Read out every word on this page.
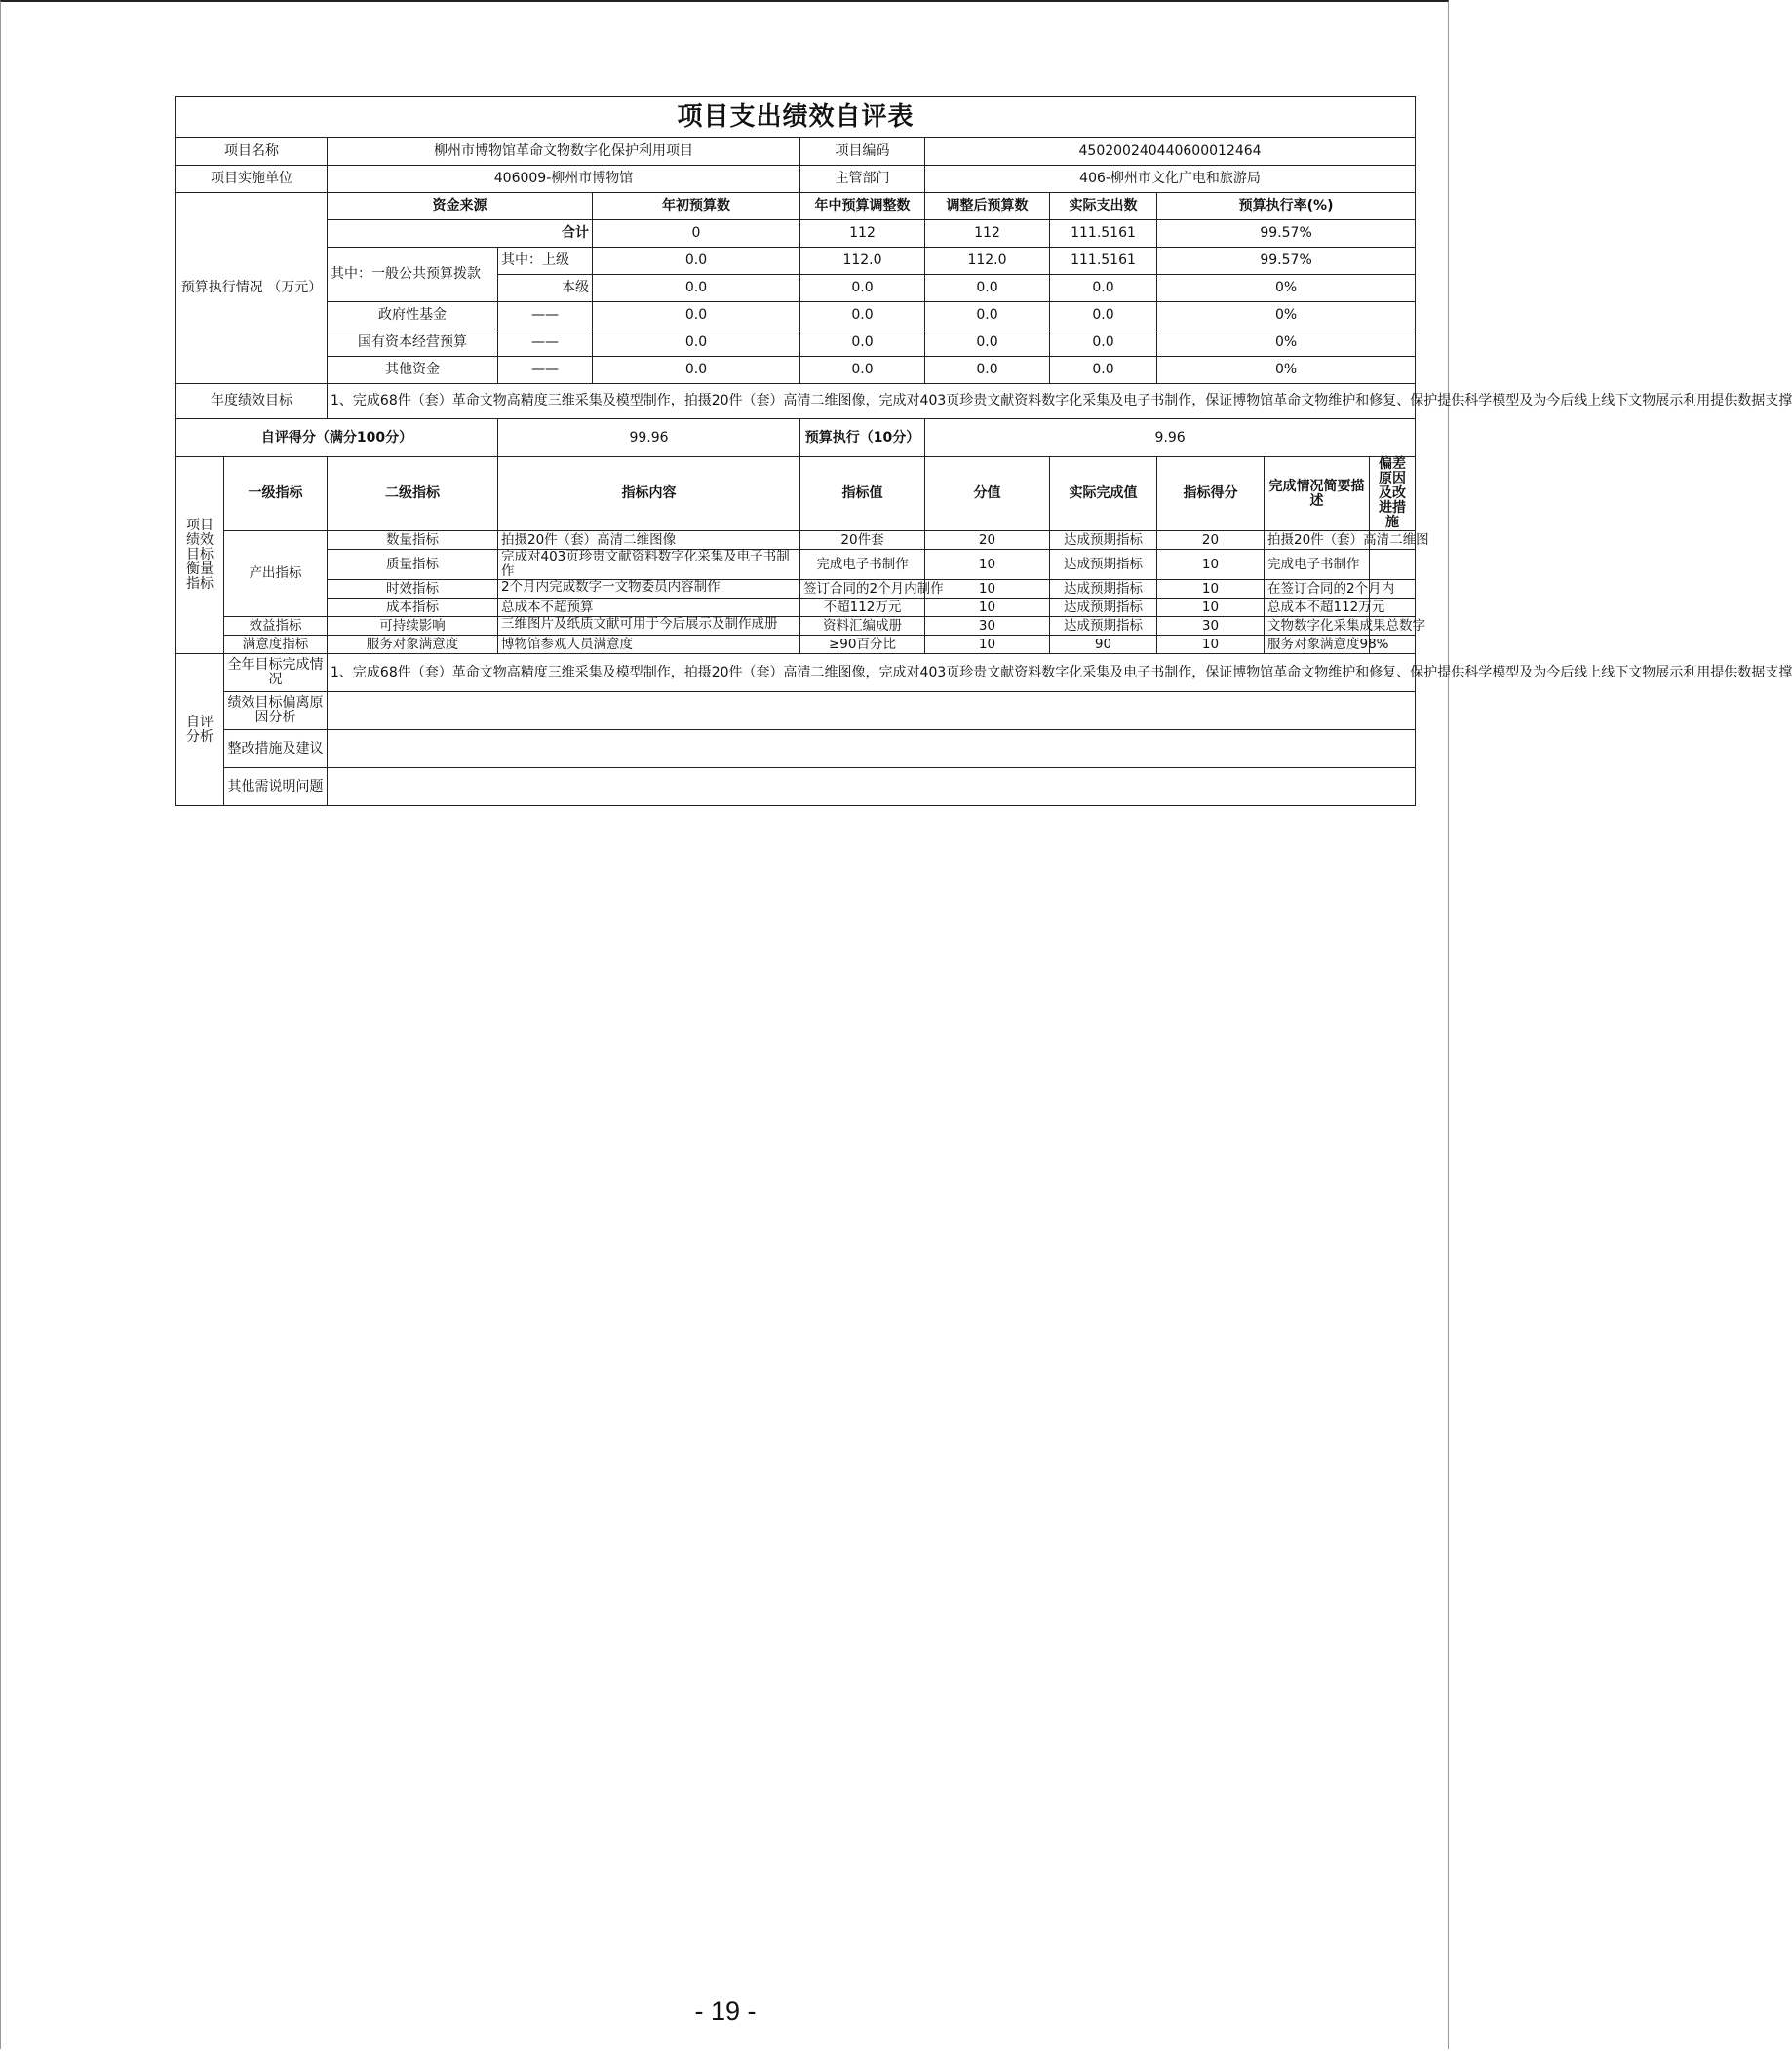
项目支出绩效自评表										
项目名称		柳州市博物馆革命文物数字化保护利用项目			项目编码	450200240440600012464				
项目实施单位		406009-柳州市博物馆			主管部门	406-柳州市文化广电和旅游局				
预算执行情况 （万元）		资金来源		年初预算数	年中预算调整数	调整后预算数	实际支出数	预算执行率(%)		
		合计		0	112	112	111.5161	99.57%		
		其中：一般公共预算拨款	其中：上级	0.0	112.0	112.0	111.5161	99.57%		
			本级	0.0	0.0	0.0	0.0	0%		
		政府性基金	——	0.0	0.0	0.0	0.0	0%		
		国有资本经营预算	——	0.0	0.0	0.0	0.0	0%		
		其他资金	——	0.0	0.0	0.0	0.0	0%		
年度绩效目标		1、完成68件（套）革命文物高精度三维采集及模型制作，拍摄20件（套）高清二维图像，完成对403页珍贵文献资料数字化采集及电子书制作，保证博物馆革命文物维护和修复、保护提供科学模型及为今后线上线下文物展示利用提供数据支撑								
自评得分（满分100分）			99.96		预算执行（10分）	9.96				
项目 绩效 目标 衡量 指标	一级指标	二级指标	指标内容		指标值	分值	实际完成值	指标得分	完成情况简要描述	偏差原因及改进措施
	产出指标	数量指标	拍摄20件（套）高清二维图像		20件套	20	达成预期指标	20	拍摄20件（套）高清二维图	
		质量指标	完成对403页珍贵文献资料数字化采集及电子书制作		完成电子书制作	10	达成预期指标	10	完成电子书制作	
		时效指标	2个月内完成数字一文物委员内容制作		签订合同的2个月内制作	10	达成预期指标	10	在签订合同的2个月内	
		成本指标	总成本不超预算		不超112万元	10	达成预期指标	10	总成本不超112万元	
	效益指标	可持续影响	三维图片及纸质文献可用于今后展示及制作成册		资料汇编成册	30	达成预期指标	30	文物数字化采集成果总数字	
	满意度指标	服务对象满意度	博物馆参观人员满意度		≥90百分比	10	90	10	服务对象满意度98%	
自评 分析	全年目标完成情况	1、完成68件（套）革命文物高精度三维采集及模型制作，拍摄20件（套）高清二维图像，完成对403页珍贵文献资料数字化采集及电子书制作，保证博物馆革命文物维护和修复、保护提供科学模型及为今后线上线下文物展示利用提供数据支撑								
	绩效目标偏离原因分析									
	整改措施及建议									
	其他需说明问题									
- 19 -
